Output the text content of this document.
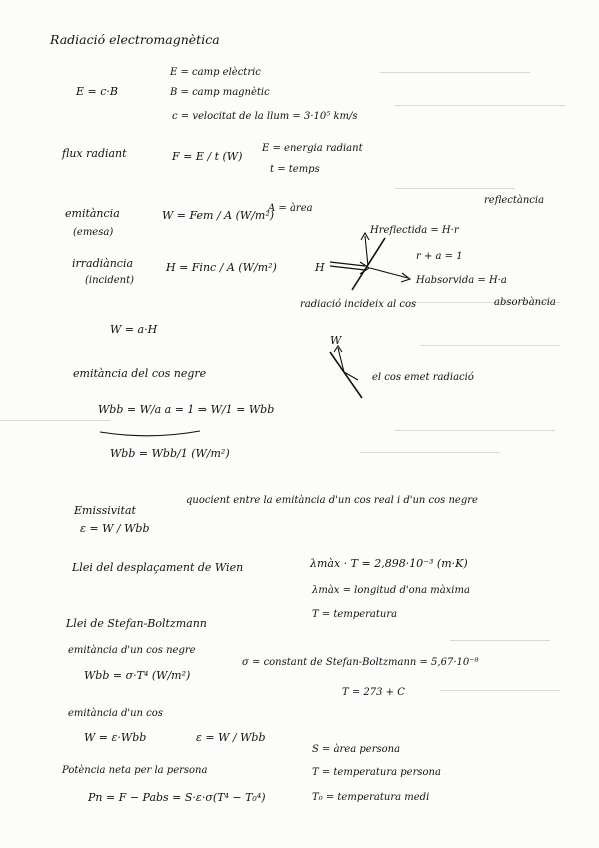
Radiació electromagnètica
E = c·B
E = camp elèctric
B = camp magnètic
c = velocitat de la llum = 3·10⁵ km/s
flux radiant	F = E / t (W)
E = energia radiant
t = temps
emitància
(emesa)
W = Fem / A (W/m²)
A = àrea
irradiància
(incident)
H = Finc / A (W/m²)
reflectància
Hreflectida = H·r
r + a = 1
Habsorvida = H·a
absorbància
H
radiació incideix al cos
W = a·H
W
el cos emet radiació
emitància del cos negre
Wbb = W/a a = 1 ⇒ W/1 = Wbb
Wbb = Wbb/1 (W/m²)
Emissivitat
ε = W / Wbb
quocient entre la emitància d'un cos real i d'un cos negre
Llei del desplaçament de Wien	λmàx · T = 2,898·10⁻³ (m·K)
λmàx = longitud d'ona màxima
T = temperatura
Llei de Stefan-Boltzmann
emitància d'un cos negre
Wbb = σ·T⁴ (W/m²)
σ = constant de Stefan-Boltzmann = 5,67·10⁻⁸
T = 273 + C
emitància d'un cos
W = ε·Wbb	ε = W / Wbb
S = àrea persona
T = temperatura persona
T₀ = temperatura medi
Potència neta per la persona
Pn = F − Pabs = S·ε·σ(T⁴ − T₀⁴)
